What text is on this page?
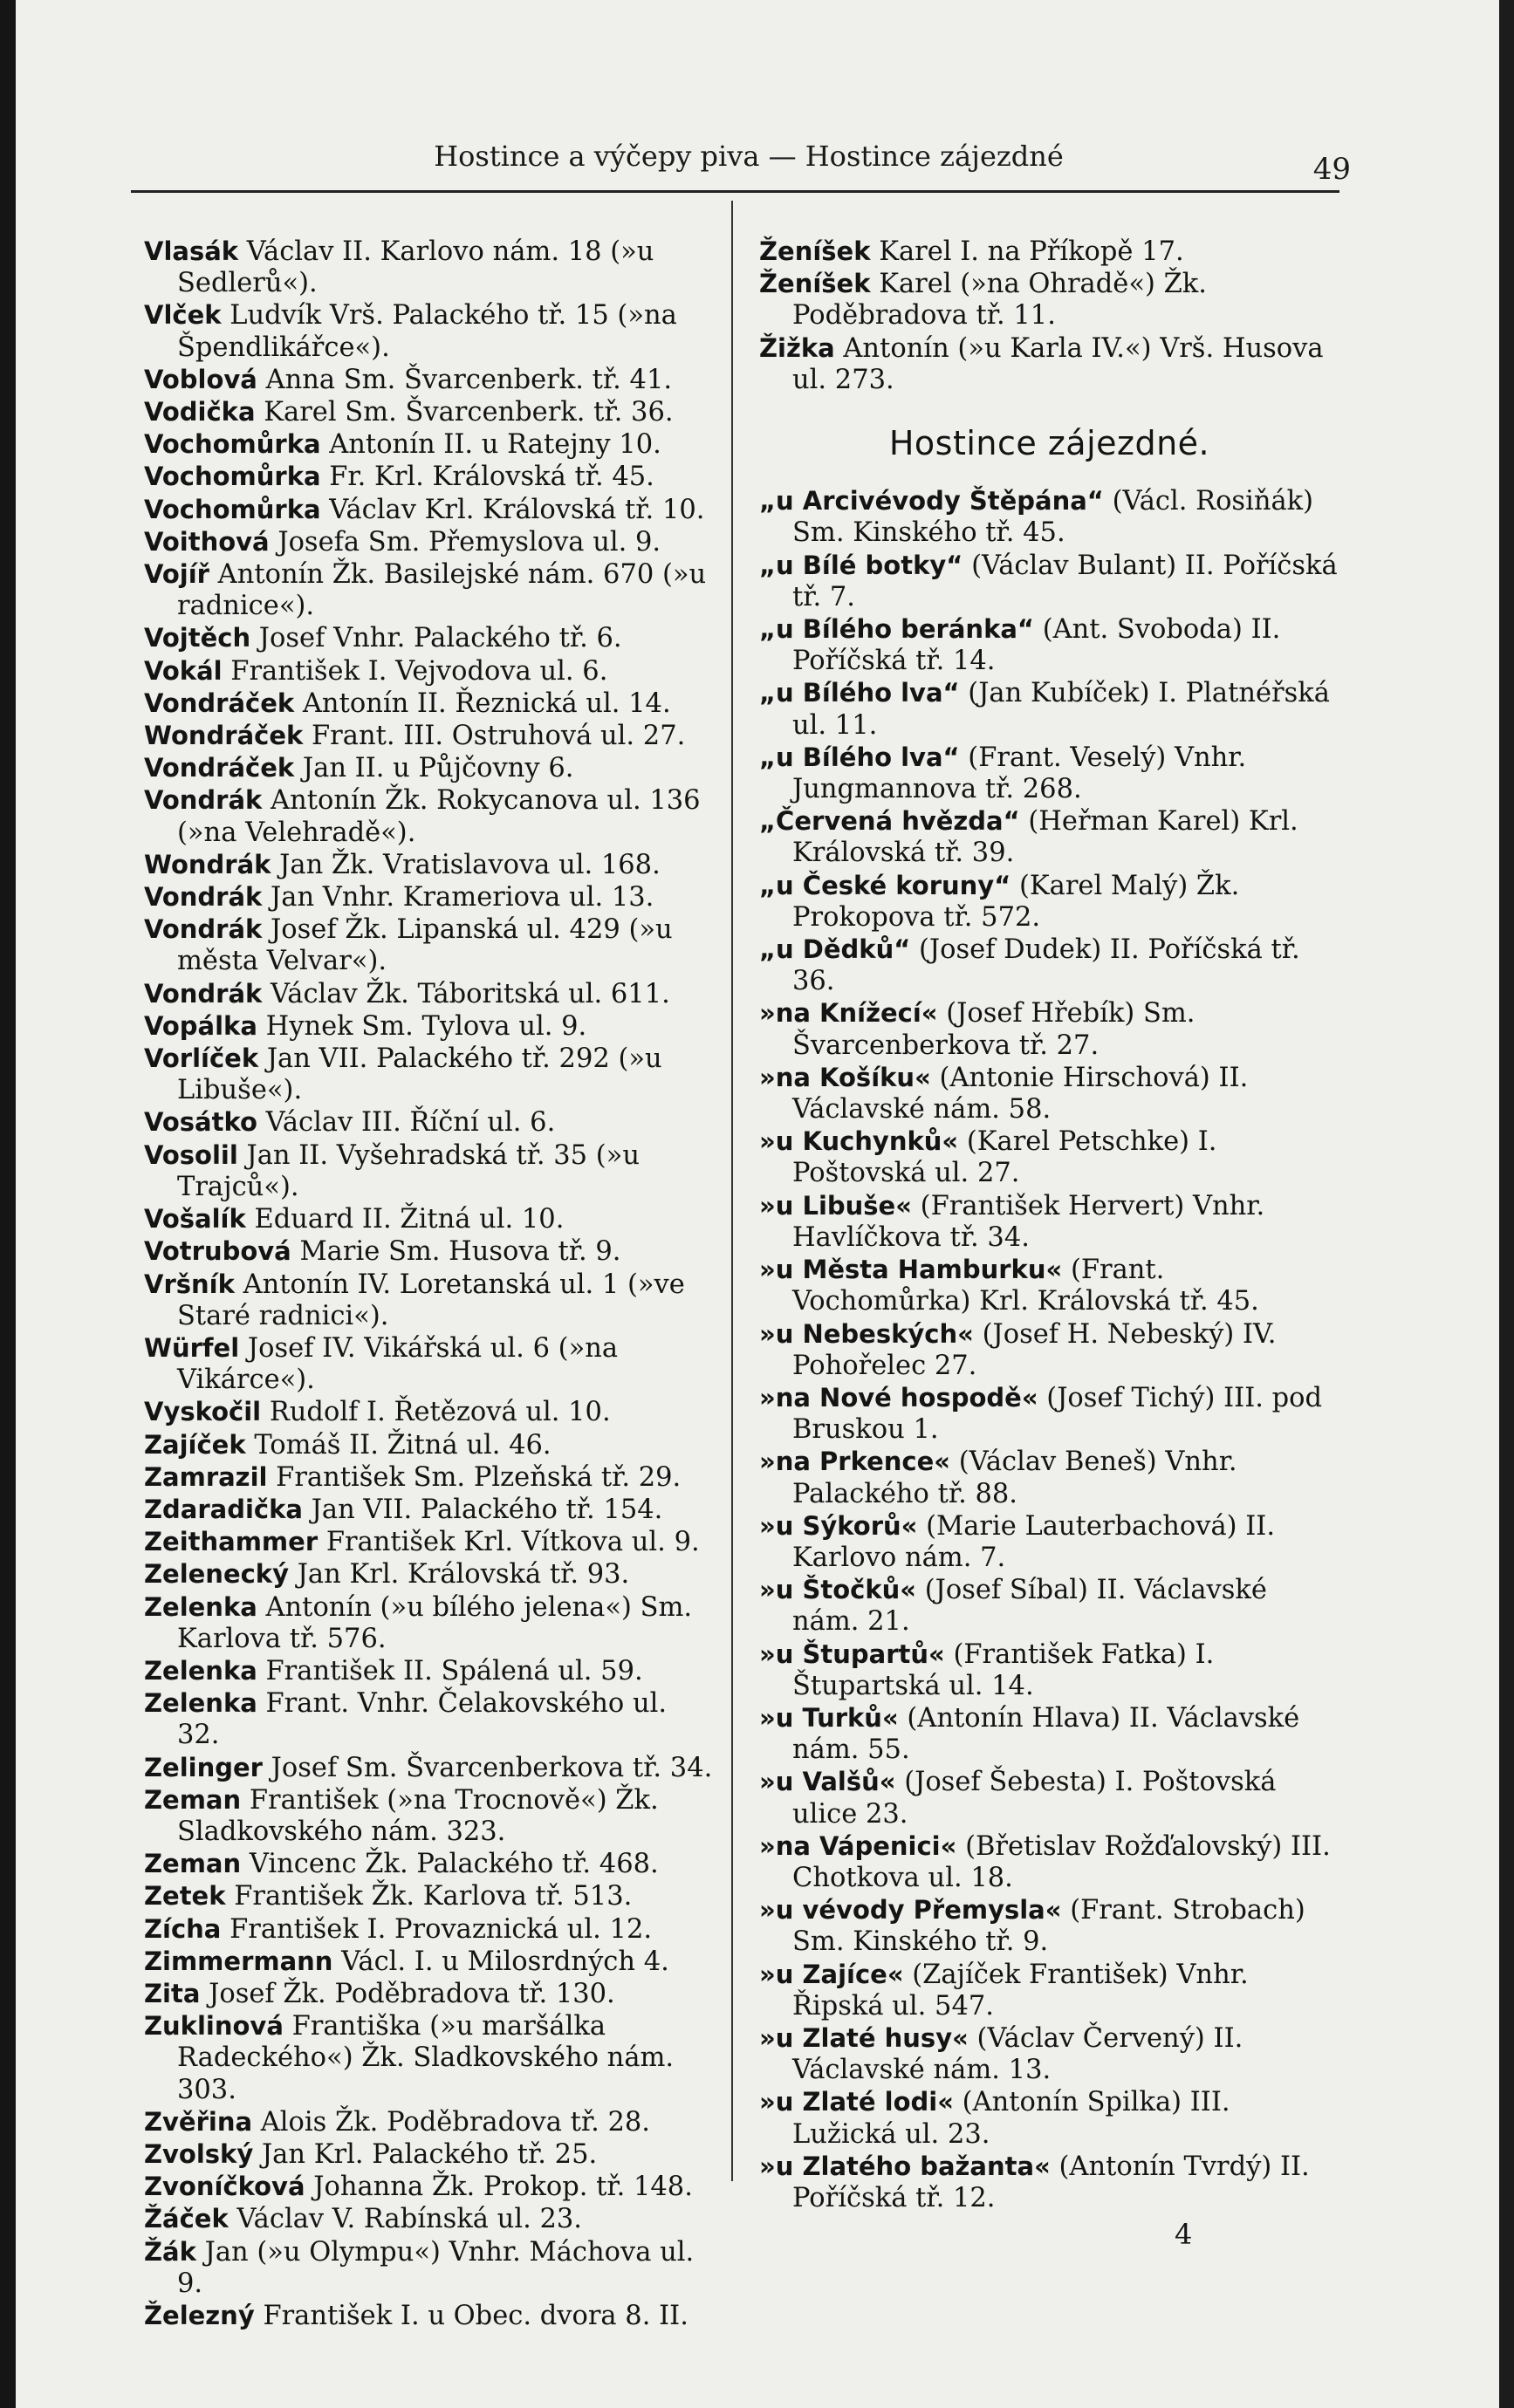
Hostince a výčepy piva — Hostince zájezdné	49
Vlasák Václav II. Karlovo nám. 18 (»u Sedlerů«).
Vlček Ludvík Vrš. Palackého tř. 15 (»na Špendlikářce«).
Voblová Anna Sm. Švarcenberk. tř. 41.
Vodička Karel Sm. Švarcenberk. tř. 36.
Vochomůrka Antonín II. u Ratejny 10.
Vochomůrka Fr. Krl. Královská tř. 45.
Vochomůrka Václav Krl. Královská tř. 10.
Voithová Josefa Sm. Přemyslova ul. 9.
Vojíř Antonín Žk. Basilejské nám. 670 (»u radnice«).
Vojtěch Josef Vnhr. Palackého tř. 6.
Vokál František I. Vejvodova ul. 6.
Vondráček Antonín II. Řeznická ul. 14.
Wondráček Frant. III. Ostruhová ul. 27.
Vondráček Jan II. u Půjčovny 6.
Vondrák Antonín Žk. Rokycanova ul. 136 (»na Velehradě«).
Wondrák Jan Žk. Vratislavova ul. 168.
Vondrák Jan Vnhr. Krameriova ul. 13.
Vondrák Josef Žk. Lipanská ul. 429 (»u města Velvar«).
Vondrák Václav Žk. Táboritská ul. 611.
Vopálka Hynek Sm. Tylova ul. 9.
Vorlíček Jan VII. Palackého tř. 292 (»u Libuše«).
Vosátko Václav III. Říční ul. 6.
Vosolil Jan II. Vyšehradská tř. 35 (»u Trajců«).
Vošalík Eduard II. Žitná ul. 10.
Votrubová Marie Sm. Husova tř. 9.
Vršník Antonín IV. Loretanská ul. 1 (»ve Staré radnici«).
Würfel Josef IV. Vikářská ul. 6 (»na Vikárce«).
Vyskočil Rudolf I. Řetězová ul. 10.
Zajíček Tomáš II. Žitná ul. 46.
Zamrazil František Sm. Plzeňská tř. 29.
Zdaradička Jan VII. Palackého tř. 154.
Zeithammer František Krl. Vítkova ul. 9.
Zelenecký Jan Krl. Královská tř. 93.
Zelenka Antonín (»u bílého jelena«) Sm. Karlova tř. 576.
Zelenka František II. Spálená ul. 59.
Zelenka Frant. Vnhr. Čelakovského ul. 32.
Zelinger Josef Sm. Švarcenberkova tř. 34.
Zeman František (»na Trocnově«) Žk. Sladkovského nám. 323.
Zeman Vincenc Žk. Palackého tř. 468.
Zetek František Žk. Karlova tř. 513.
Zícha František I. Provaznická ul. 12.
Zimmermann Václ. I. u Milosrdných 4.
Zita Josef Žk. Poděbradova tř. 130.
Zuklinová Františka (»u maršálka Radeckého«) Žk. Sladkovského nám. 303.
Zvěřina Alois Žk. Poděbradova tř. 28.
Zvolský Jan Krl. Palackého tř. 25.
Zvoníčková Johanna Žk. Prokop. tř. 148.
Žáček Václav V. Rabínská ul. 23.
Žák Jan (»u Olympu«) Vnhr. Máchova ul. 9.
Železný František I. u Obec. dvora 8. II.
Ženíšek Karel I. na Příkopě 17.
Ženíšek Karel (»na Ohradě«) Žk. Poděbradova tř. 11.
Žižka Antonín (»u Karla IV.«) Vrš. Husova ul. 273.
Hostince zájezdné.
„u Arcivévody Štěpána“ (Václ. Rosiňák) Sm. Kinského tř. 45.
„u Bílé botky“ (Václav Bulant) II. Poříčská tř. 7.
„u Bílého beránka“ (Ant. Svoboda) II. Poříčská tř. 14.
„u Bílého lva“ (Jan Kubíček) I. Platnéřská ul. 11.
„u Bílého lva“ (Frant. Veselý) Vnhr. Jungmannova tř. 268.
„Červená hvězda“ (Heřman Karel) Krl. Královská tř. 39.
„u České koruny“ (Karel Malý) Žk. Prokopova tř. 572.
„u Dědků“ (Josef Dudek) II. Poříčská tř. 36.
»na Knížecí« (Josef Hřebík) Sm. Švarcenberkova tř. 27.
»na Košíku« (Antonie Hirschová) II. Václavské nám. 58.
»u Kuchynků« (Karel Petschke) I. Poštovská ul. 27.
»u Libuše« (František Hervert) Vnhr. Havlíčkova tř. 34.
»u Města Hamburku« (Frant. Vochomůrka) Krl. Královská tř. 45.
»u Nebeských« (Josef H. Nebeský) IV. Pohořelec 27.
»na Nové hospodě« (Josef Tichý) III. pod Bruskou 1.
»na Prkence« (Václav Beneš) Vnhr. Palackého tř. 88.
»u Sýkorů« (Marie Lauterbachová) II. Karlovo nám. 7.
»u Štočků« (Josef Síbal) II. Václavské nám. 21.
»u Štupartů« (František Fatka) I. Štupartská ul. 14.
»u Turků« (Antonín Hlava) II. Václavské nám. 55.
»u Valšů« (Josef Šebesta) I. Poštovská ulice 23.
»na Vápenici« (Břetislav Rožďalovský) III. Chotkova ul. 18.
»u vévody Přemysla« (Frant. Strobach) Sm. Kinského tř. 9.
»u Zajíce« (Zajíček František) Vnhr. Řipská ul. 547.
»u Zlaté husy« (Václav Červený) II. Václavské nám. 13.
»u Zlaté lodi« (Antonín Spilka) III. Lužická ul. 23.
»u Zlatého bažanta« (Antonín Tvrdý) II. Poříčská tř. 12.
4
